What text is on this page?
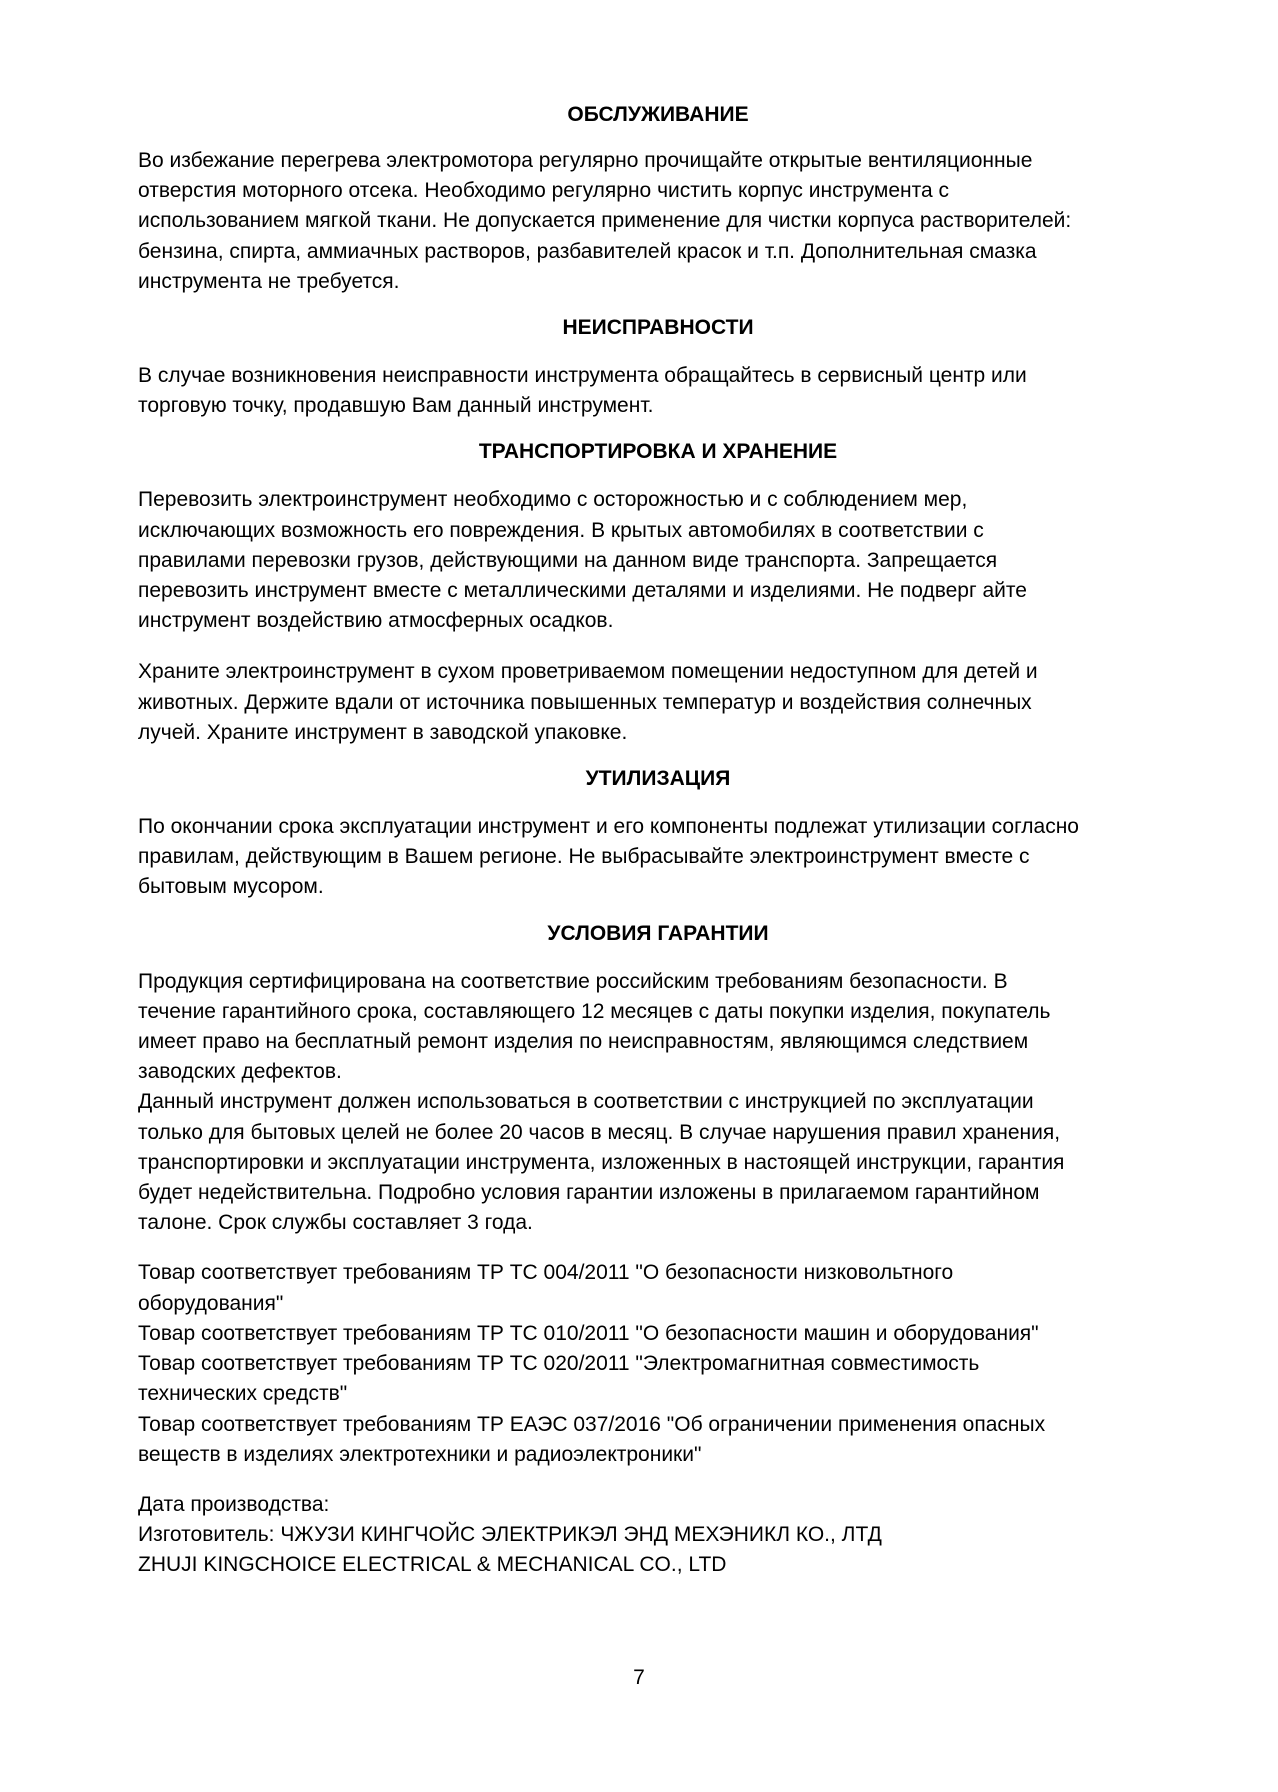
ОБСЛУЖИВАНИЕ

Во избежание перегрева электромотора регулярно прочищайте открытые вентиляционные
отверстия моторного отсека. Необходимо регулярно чистить корпус инструмента с
использованием мягкой ткани. Не допускается применение для чистки корпуса растворителей:
бензина, спирта, аммиачных растворов, разбавителей красок и т.п. Дополнительная смазка
инструмента не требуется.

НЕИСПРАВНОСТИ

В случае возникновения неисправности инструмента обращайтесь в сервисный центр или
торговую точку, продавшую Вам данный инструмент.

ТРАНСПОРТИРОВКА И ХРАНЕНИЕ

Перевозить электроинструмент необходимо с осторожностью и с соблюдением мер,
исключающих возможность его повреждения. В крытых автомобилях в соответствии с
правилами перевозки грузов, действующими на данном виде транспорта. Запрещается
перевозить инструмент вместе с металлическими деталями и изделиями. Не подверг айте
инструмент воздействию атмосферных осадков.

Храните электроинструмент в сухом проветриваемом помещении недоступном для детей и
животных. Держите вдали от источника повышенных температур и воздействия солнечных
лучей. Храните инструмент в заводской упаковке.

УТИЛИЗАЦИЯ

По окончании срока эксплуатации инструмент и его компоненты подлежат утилизации согласно
правилам, действующим в Вашем регионе. Не выбрасывайте электроинструмент вместе с
бытовым мусором.

УСЛОВИЯ ГАРАНТИИ

Продукция сертифицирована на соответствие российским требованиям безопасности. В
течение гарантийного срока, составляющего 12 месяцев с даты покупки изделия, покупатель
имеет право на бесплатный ремонт изделия по неисправностям, являющимся следствием
заводских дефектов.
Данный инструмент должен использоваться в соответствии с инструкцией по эксплуатации
только для бытовых целей не более 20 часов в месяц. В случае нарушения правил хранения,
транспортировки и эксплуатации инструмента, изложенных в настоящей инструкции, гарантия
будет недействительна. Подробно условия гарантии изложены в прилагаемом гарантийном
талоне. Срок службы составляет 3 года.

Товар соответствует требованиям ТР ТС 004/2011 "О безопасности низковольтного
оборудования"
Товар соответствует требованиям ТР ТС 010/2011 "О безопасности машин и оборудования"
Товар соответствует требованиям ТР ТС 020/2011 "Электромагнитная совместимость
технических средств"
Товар соответствует требованиям ТР ЕАЭС 037/2016 "Об ограничении применения опасных
веществ в изделиях электротехники и радиоэлектроники"

Дата производства:
Изготовитель: ЧЖУЗИ КИНГЧОЙС ЭЛЕКТРИКЭЛ ЭНД МЕХЭНИКЛ КО., ЛТД
ZHUJI KINGCHOICE ELECTRICAL & MECHANICAL CO., LTD

7
